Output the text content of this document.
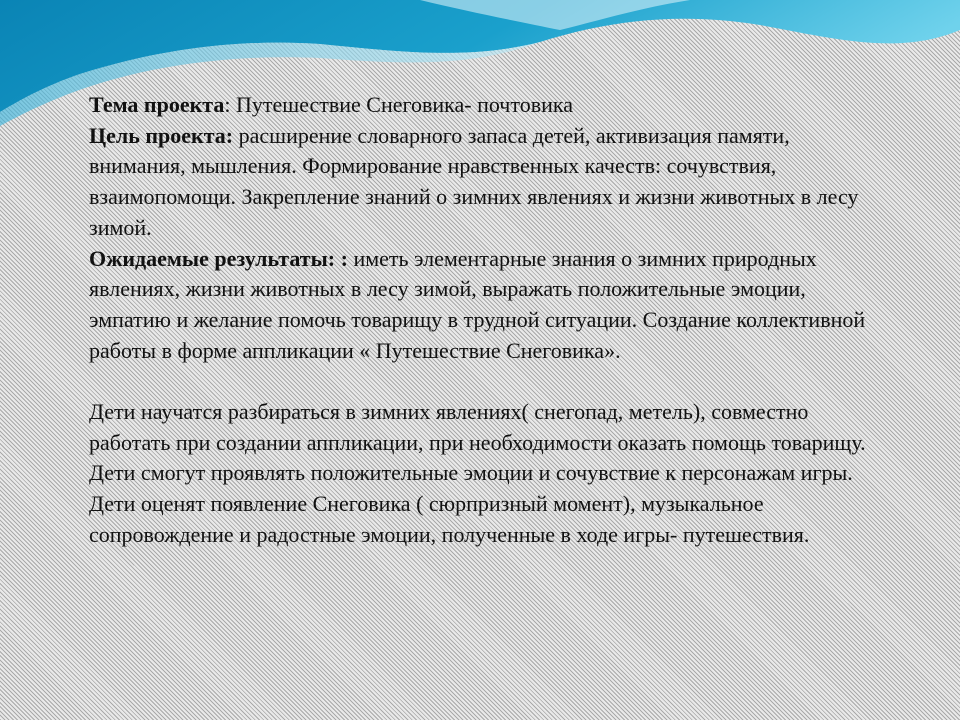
Тема проекта: Путешествие Снеговика- почтовика

Цель проекта: расширение словарного запаса детей, активизация памяти, внимания, мышления. Формирование нравственных качеств: сочувствия, взаимопомощи. Закрепление знаний о зимних явлениях и жизни животных в лесу зимой.

Ожидаемые результаты: : иметь элементарные знания о зимних природных явлениях, жизни животных в лесу зимой, выражать положительные эмоции, эмпатию и желание помочь товарищу в трудной ситуации. Создание коллективной работы в форме аппликации « Путешествие Снеговика».

Дети научатся разбираться в зимних явлениях( снегопад, метель), совместно работать при создании аппликации, при необходимости оказать помощь товарищу.

Дети смогут проявлять положительные эмоции и сочувствие к персонажам игры.

Дети оценят появление Снеговика ( сюрпризный момент), музыкальное сопровождение и радостные эмоции, полученные в ходе игры- путешествия.
